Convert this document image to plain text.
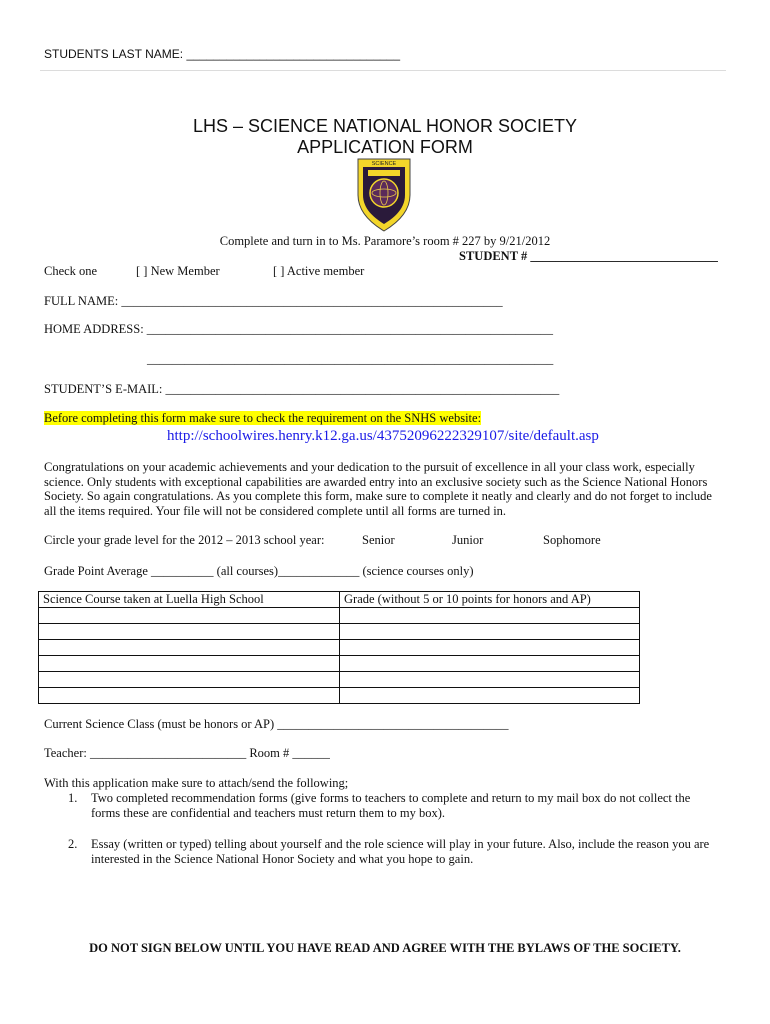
STUDENTS LAST NAME: ________________________________
LHS – SCIENCE NATIONAL HONOR SOCIETY
APPLICATION FORM
SCIENCE
Complete and turn in to Ms. Paramore’s room # 227 by 9/21/2012
STUDENT # ______________________________
Check one	[ ] New Member	[ ] Active member
FULL NAME: _____________________________________________________________
HOME ADDRESS: _________________________________________________________________
_________________________________________________________________
STUDENT’S E-MAIL: _______________________________________________________________
Before completing this form make sure to check the requirement on the SNHS website:
http://schoolwires.henry.k12.ga.us/43752096222329107/site/default.asp
Congratulations on your academic achievements and your dedication to the pursuit of excellence in all your class work, especially science. Only students with exceptional capabilities are awarded entry into an exclusive society such as the Science National Honors Society. So again congratulations. As you complete this form, make sure to complete it neatly and clearly and do not forget to include all the items required. Your file will not be considered complete until all forms are turned in.
Circle your grade level for the 2012 – 2013 school year:	Senior	Junior	Sophomore
Grade Point Average __________ (all courses)_____________ (science courses only)
Science Course taken at Luella High School	Grade (without 5 or 10 points for honors and AP)

Current Science Class (must be honors or AP) _____________________________________
Teacher: _________________________ Room # ______
With this application make sure to attach/send the following;
1. Two completed recommendation forms (give forms to teachers to complete and return to my mail box do not collect the forms these are confidential and teachers must return them to my box).
2. Essay (written or typed) telling about yourself and the role science will play in your future. Also, include the reason you are interested in the Science National Honor Society and what you hope to gain.
DO NOT SIGN BELOW UNTIL YOU HAVE READ AND AGREE WITH THE BYLAWS OF THE SOCIETY.
